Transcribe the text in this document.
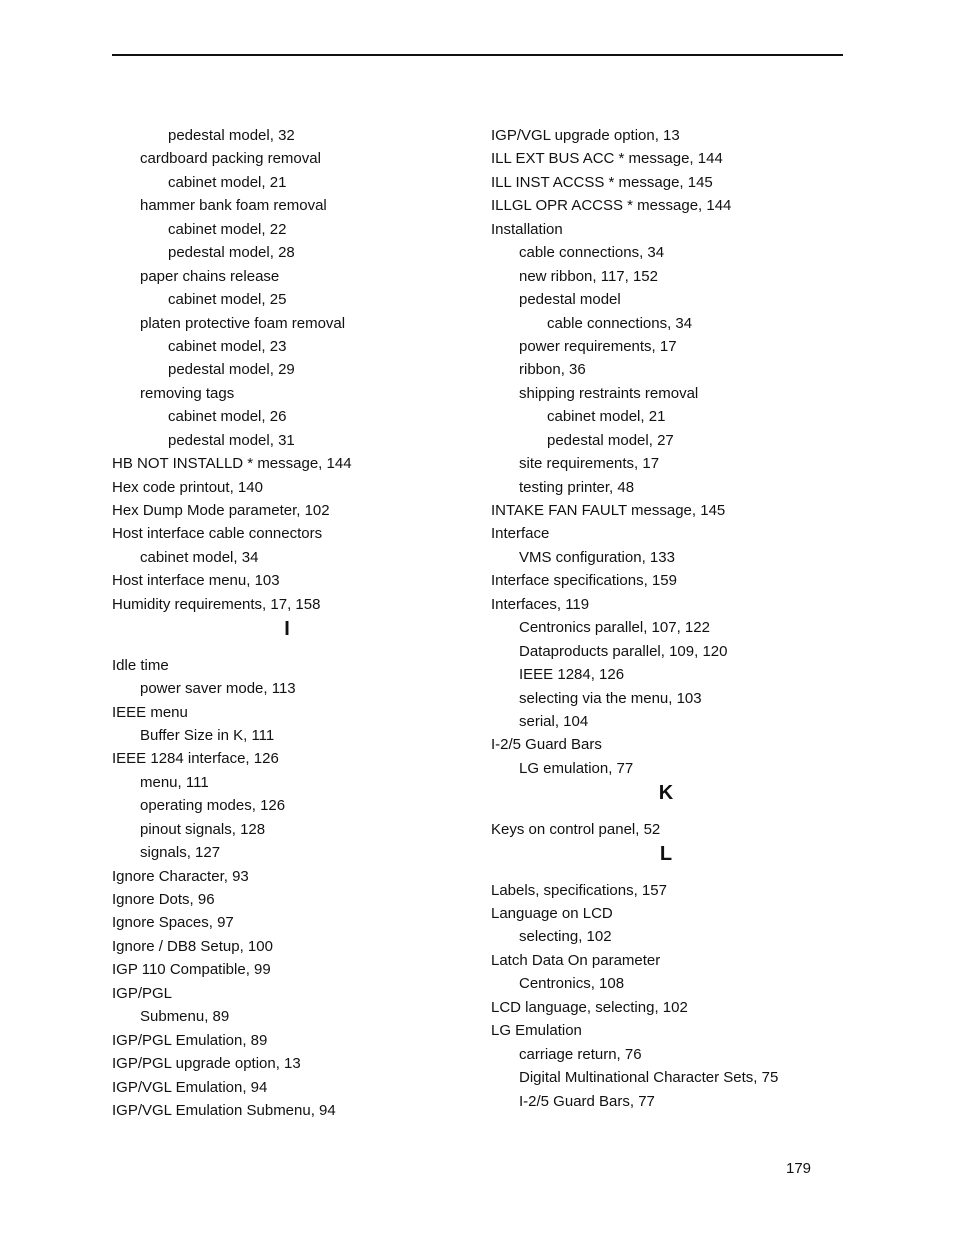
pedestal model, 32
cardboard packing removal
cabinet model, 21
hammer bank foam removal
cabinet model, 22
pedestal model, 28
paper chains release
cabinet model, 25
platen protective foam removal
cabinet model, 23
pedestal model, 29
removing tags
cabinet model, 26
pedestal model, 31
HB NOT INSTALLD * message, 144
Hex code printout, 140
Hex Dump Mode parameter, 102
Host interface cable connectors
cabinet model, 34
Host interface menu, 103
Humidity requirements, 17, 158
I
Idle time
power saver mode, 113
IEEE menu
Buffer Size in K, 111
IEEE 1284 interface, 126
menu, 111
operating modes, 126
pinout signals, 128
signals, 127
Ignore Character, 93
Ignore Dots, 96
Ignore Spaces, 97
Ignore / DB8 Setup, 100
IGP 110 Compatible, 99
IGP/PGL
Submenu, 89
IGP/PGL Emulation, 89
IGP/PGL upgrade option, 13
IGP/VGL Emulation, 94
IGP/VGL Emulation Submenu, 94
IGP/VGL upgrade option, 13
ILL EXT BUS ACC * message, 144
ILL INST ACCSS * message, 145
ILLGL OPR ACCSS * message, 144
Installation
cable connections, 34
new ribbon, 117, 152
pedestal model
cable connections, 34
power requirements, 17
ribbon, 36
shipping restraints removal
cabinet model, 21
pedestal model, 27
site requirements, 17
testing printer, 48
INTAKE FAN FAULT message, 145
Interface
VMS configuration, 133
Interface specifications, 159
Interfaces, 119
Centronics parallel, 107, 122
Dataproducts parallel, 109, 120
IEEE 1284, 126
selecting via the menu, 103
serial, 104
I-2/5 Guard Bars
LG emulation, 77
K
Keys on control panel, 52
L
Labels, specifications, 157
Language on LCD
selecting, 102
Latch Data On parameter
Centronics, 108
LCD language, selecting, 102
LG Emulation
carriage return, 76
Digital Multinational Character Sets, 75
I-2/5 Guard Bars, 77
179
